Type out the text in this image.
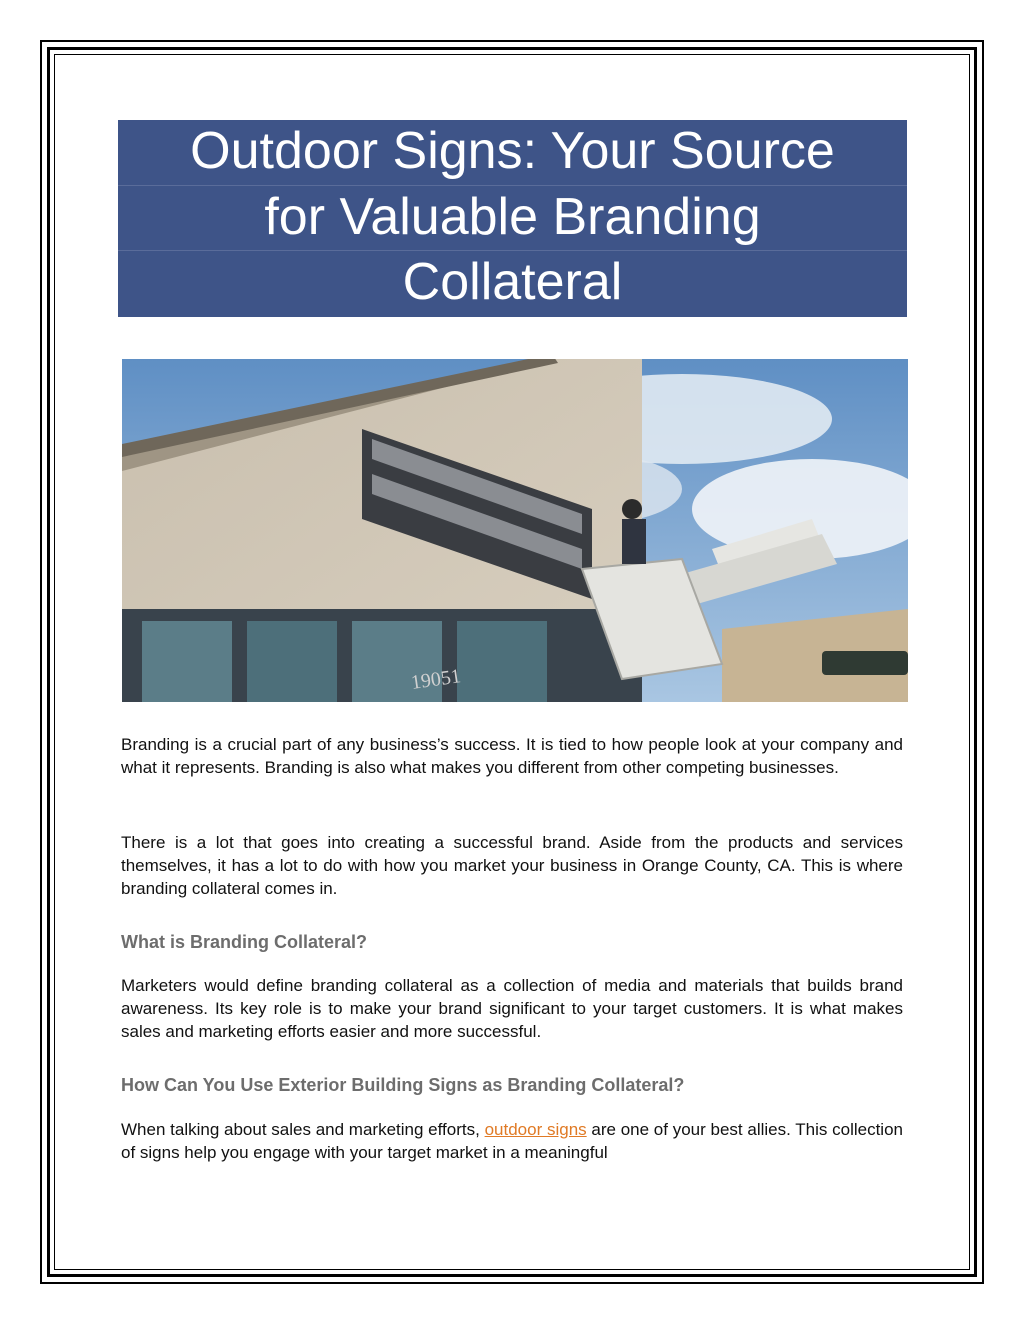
Outdoor Signs: Your Source
for Valuable Branding
Collateral
19051

Branding is a crucial part of any business’s success. It is tied to how people look at your company and what it represents. Branding is also what makes you different from other competing businesses.

There is a lot that goes into creating a successful brand. Aside from the products and services themselves, it has a lot to do with how you market your business in Orange County, CA. This is where branding collateral comes in.

What is Branding Collateral?

Marketers would define branding collateral as a collection of media and materials that builds brand awareness. Its key role is to make your brand significant to your target customers. It is what makes sales and marketing efforts easier and more successful.

How Can You Use Exterior Building Signs as Branding Collateral?

When talking about sales and marketing efforts, outdoor signs are one of your best allies. This collection of signs help you engage with your target market in a meaningful
